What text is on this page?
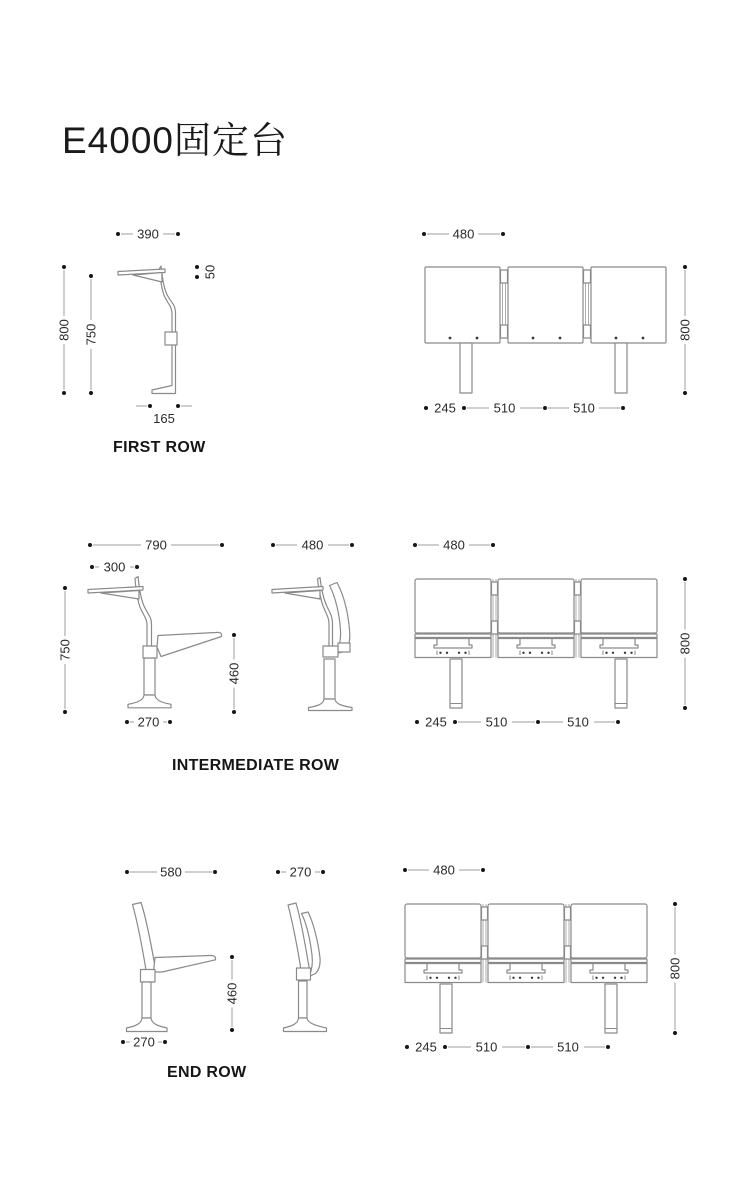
E4000固定台
390
50
800 750
165
FIRST ROW
480
800
245	510	510
790
300
750
460
270
480	480
800
245	510	510
INTERMEDIATE ROW
580
460
270
270	480
800
245	510	510
END ROW
